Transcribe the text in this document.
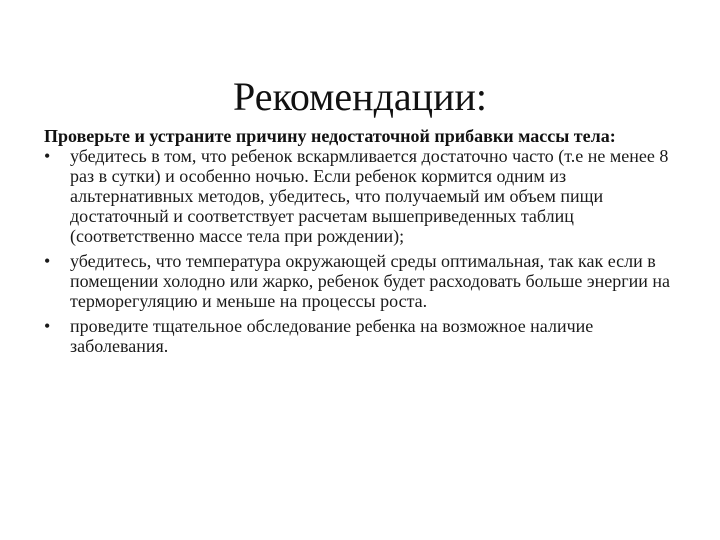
Рекомендации:

Проверьте и устраните причину недостаточной прибавки массы тела:

•	убедитесь в том, что ребенок вскармливается достаточно часто (т.е не менее 8 раз в сутки) и особенно ночью. Если ребенок кормится одним из альтернативных методов, убедитесь, что получаемый им объем пищи достаточный и соответствует расчетам вышеприведенных таблиц (соответственно массе тела при рождении);
•	убедитесь, что температура окружающей среды оптимальная, так как если в помещении холодно или жарко, ребенок будет расходовать больше энергии на терморегуляцию и меньше на процессы роста.
•	проведите тщательное обследование ребенка на возможное наличие заболевания.
